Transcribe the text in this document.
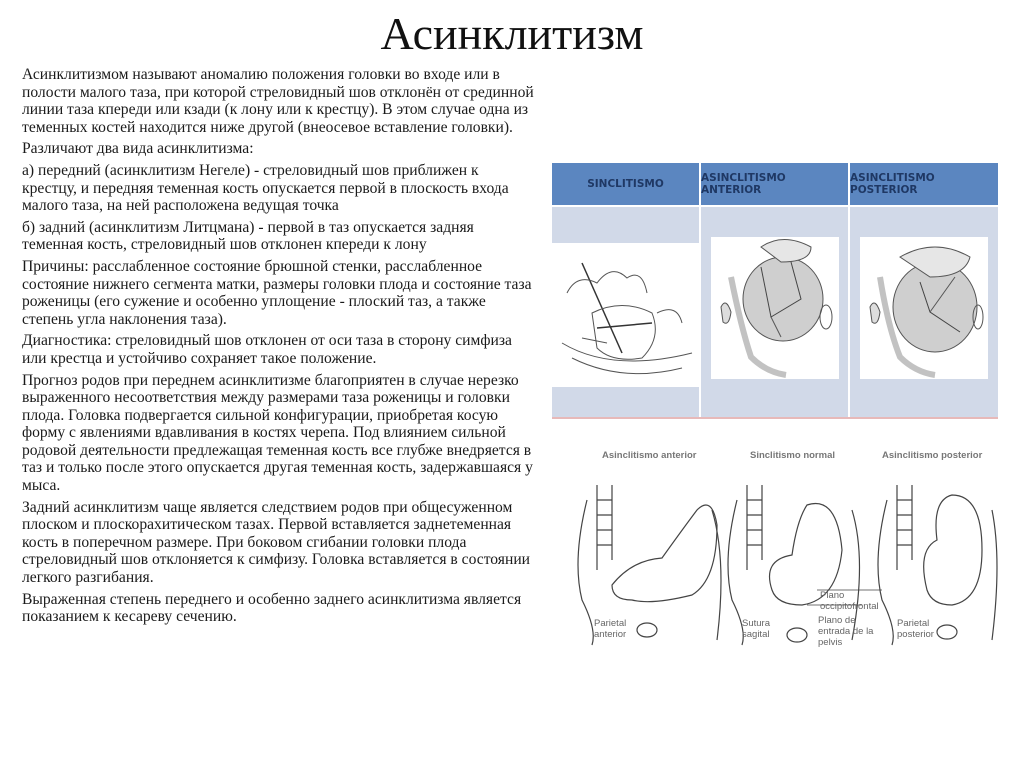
Асинклитизм

Асинклитизмом называют аномалию положения головки во входе или в полости малого таза, при которой стреловидный шов отклонён от срединной линии таза кпереди или кзади (к лону или к крестцу). В этом случае одна из теменных костей находится ниже другой (внеосевое вставление головки).

Различают два вида асинклитизма:

а) передний (асинклитизм Негеле) - стреловидный шов приближен к крестцу, и передняя теменная кость опускается первой в плоскость входа малого таза, на ней расположена ведущая точка

б) задний (асинклитизм Литцмана) - первой в таз опускается задняя теменная кость, стреловидный шов отклонен кпереди к лону

Причины: расслабленное состояние брюшной стенки, расслабленное состояние нижнего сегмента матки, размеры головки плода и состояние таза роженицы (его сужение и особенно уплощение - плоский таз, а также степень угла наклонения таза).

Диагностика: стреловидный шов отклонен от оси таза в сторону симфиза или крестца и устойчиво сохраняет такое положение.

Прогноз родов при переднем асинклитизме благоприятен в случае нерезко выраженного несоответствия между размерами таза роженицы и головки плода. Головка подвергается сильной конфигурации, приобретая косую форму с явлениями вдавливания в костях черепа. Под влиянием сильной родовой деятельности предлежащая теменная кость все глубже внедряется в таз и только после этого опускается другая теменная кость, задержавшаяся у мыса.

Задний асинклитизм чаще является следствием родов при общесуженном плоском и плоскорахитическом тазах. Первой вставляется заднетеменная кость в поперечном размере. При боковом сгибании головки плода стреловидный шов отклоняется к симфизу. Головка вставляется в состоянии легкого разгибания.

Выраженная степень переднего и особенно заднего асинклитизма является показанием к кесареву сечению.

SINCLITISMO	ASINCLITISMO ANTERIOR
ASINCLITISMO POSTERIOR
Asinclitismo anterior	Sinclitismo normal	Asinclitismo posterior
Parietal anterior
Sutura sagital
Plano occipitofrontal
Plano de entrada de la pelvis
Parietal posterior
